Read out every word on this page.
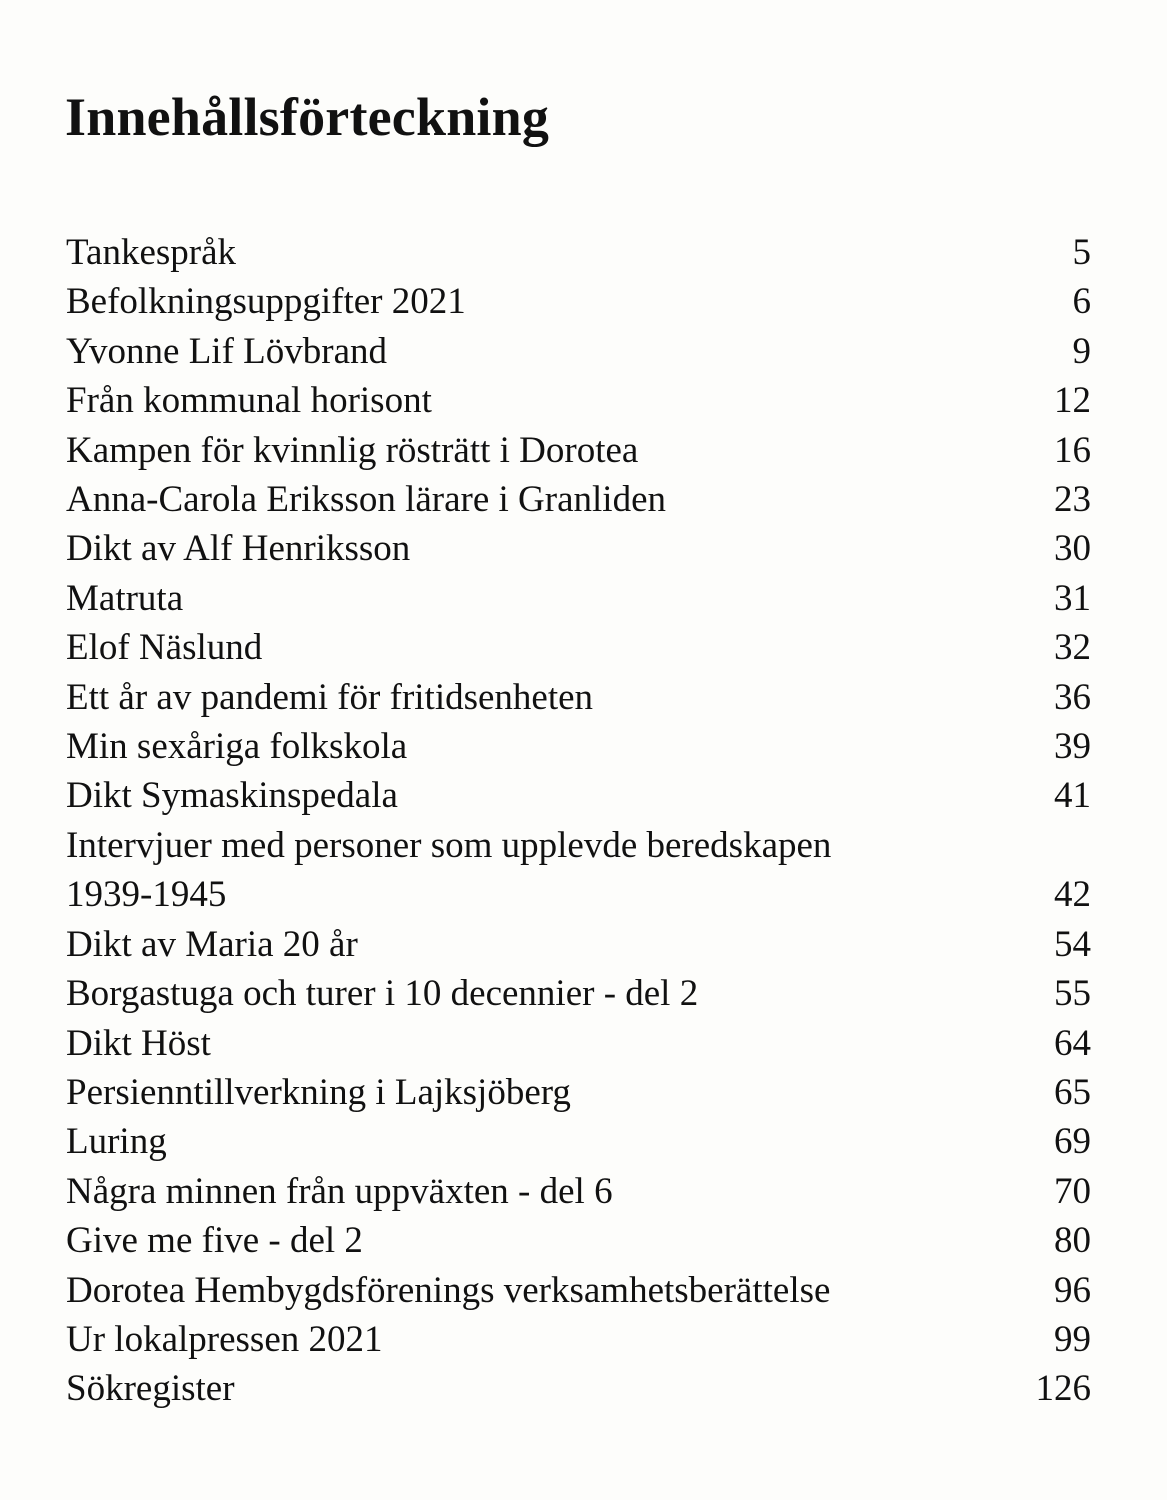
Innehållsförteckning
Tankespråk	5
Befolkningsuppgifter 2021	6
Yvonne Lif Lövbrand	9
Från kommunal horisont	12
Kampen för kvinnlig rösträtt i Dorotea	16
Anna-Carola Eriksson lärare i Granliden	23
Dikt av Alf Henriksson	30
Matruta	31
Elof Näslund	32
Ett år av pandemi för fritidsenheten	36
Min sexåriga folkskola	39
Dikt Symaskinspedala	41
Intervjuer med personer som upplevde beredskapen
1939-1945	42
Dikt av Maria 20 år	54
Borgastuga och turer i 10 decennier - del 2	55
Dikt Höst	64
Persienntillverkning i Lajksjöberg	65
Luring	69
Några minnen från uppväxten - del 6	70
Give me five - del 2	80
Dorotea Hembygdsförenings verksamhetsberättelse	96
Ur lokalpressen 2021	99
Sökregister	126
